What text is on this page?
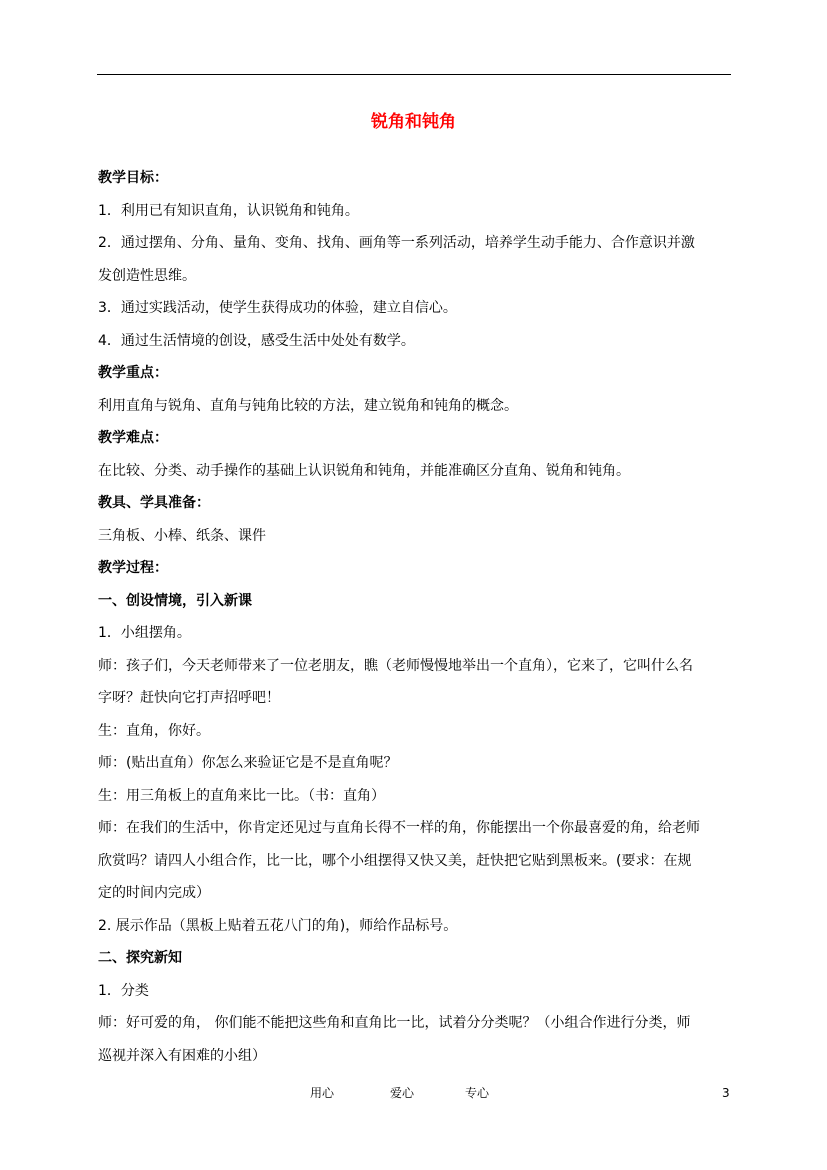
锐角和钝角

教学目标：

1．利用已有知识直角，认识锐角和钝角。

2．通过摆角、分角、量角、变角、找角、画角等一系列活动，培养学生动手能力、合作意识并激

发创造性思维。

3．通过实践活动，使学生获得成功的体验，建立自信心。

4．通过生活情境的创设，感受生活中处处有数学。

教学重点：

利用直角与锐角、直角与钝角比较的方法，建立锐角和钝角的概念。

教学难点：

在比较、分类、动手操作的基础上认识锐角和钝角，并能准确区分直角、锐角和钝角。

教具、学具准备：

三角板、小棒、纸条、课件

教学过程：

一、创设情境，引入新课

1．小组摆角。

师：孩子们，今天老师带来了一位老朋友，瞧（老师慢慢地举出一个直角），它来了，它叫什么名

字呀？赶快向它打声招呼吧！

生：直角，你好。

师：(贴出直角）你怎么来验证它是不是直角呢？

生：用三角板上的直角来比一比。（书：直角）

师：在我们的生活中，你肯定还见过与直角长得不一样的角，你能摆出一个你最喜爱的角，给老师

欣赏吗？请四人小组合作，比一比，哪个小组摆得又快又美，赶快把它贴到黑板来。(要求：在规

定的时间内完成）

2. 展示作品（黑板上贴着五花八门的角)，师给作品标号。

二、探究新知

1．分类

师：好可爱的角， 你们能不能把这些角和直角比一比，试着分分类呢？（小组合作进行分类，师

巡视并深入有困难的小组）

用心	爱心	专心	3
